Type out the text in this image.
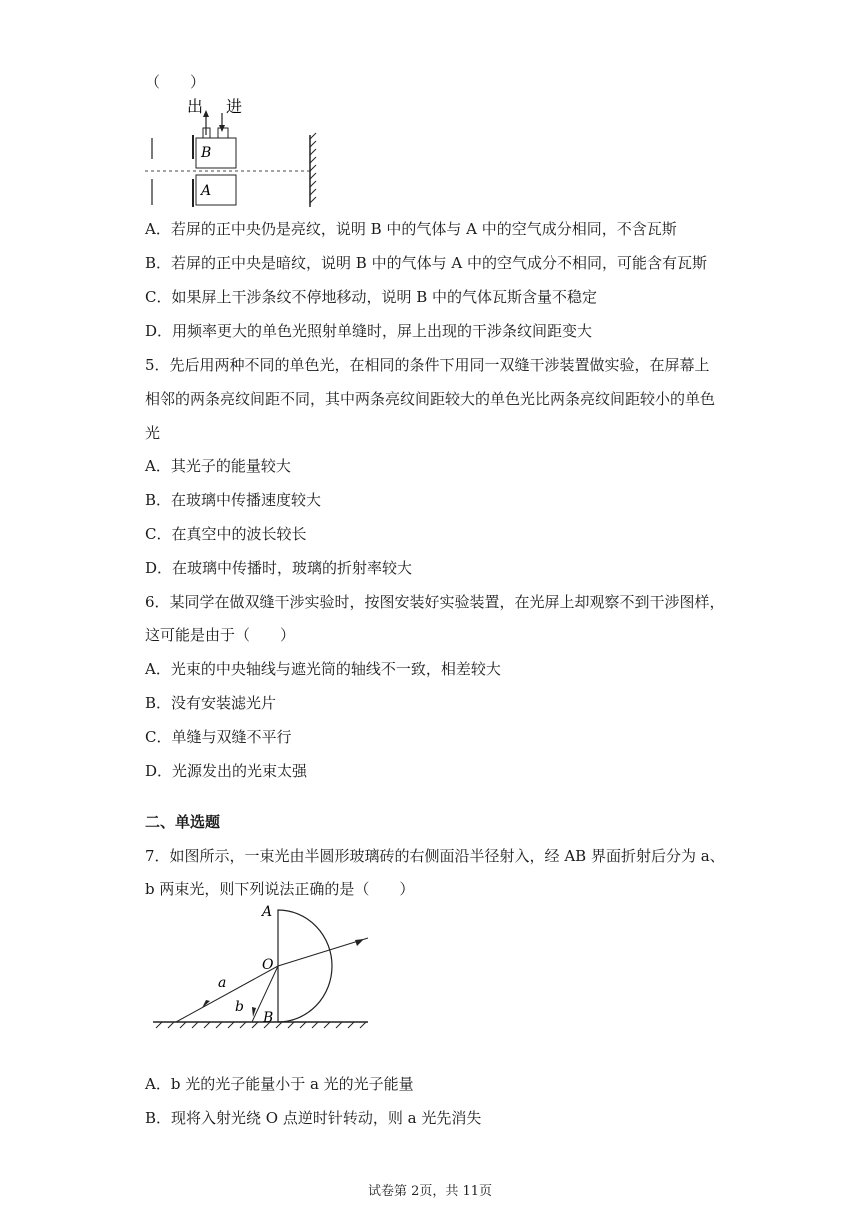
（　　）
出 进
B
A
A．若屏的正中央仍是亮纹，说明 B 中的气体与 A 中的空气成分相同，不含瓦斯
B．若屏的正中央是暗纹，说明 B 中的气体与 A 中的空气成分不相同，可能含有瓦斯
C．如果屏上干涉条纹不停地移动，说明 B 中的气体瓦斯含量不稳定
D．用频率更大的单色光照射单缝时，屏上出现的干涉条纹间距变大
5．先后用两种不同的单色光，在相同的条件下用同一双缝干涉装置做实验，在屏幕上
相邻的两条亮纹间距不同，其中两条亮纹间距较大的单色光比两条亮纹间距较小的单色
光
A．其光子的能量较大
B．在玻璃中传播速度较大
C．在真空中的波长较长
D．在玻璃中传播时，玻璃的折射率较大
6．某同学在做双缝干涉实验时，按图安装好实验装置，在光屏上却观察不到干涉图样，
这可能是由于（　　）
A．光束的中央轴线与遮光筒的轴线不一致，相差较大
B．没有安装滤光片
C．单缝与双缝不平行
D．光源发出的光束太强
二、单选题
7．如图所示，一束光由半圆形玻璃砖的右侧面沿半径射入，经 AB 界面折射后分为 a、
b 两束光，则下列说法正确的是（　　）
A
O
a
b
B
A．b 光的光子能量小于 a 光的光子能量
B．现将入射光绕 O 点逆时针转动，则 a 光先消失
试卷第 2页，共 11页
